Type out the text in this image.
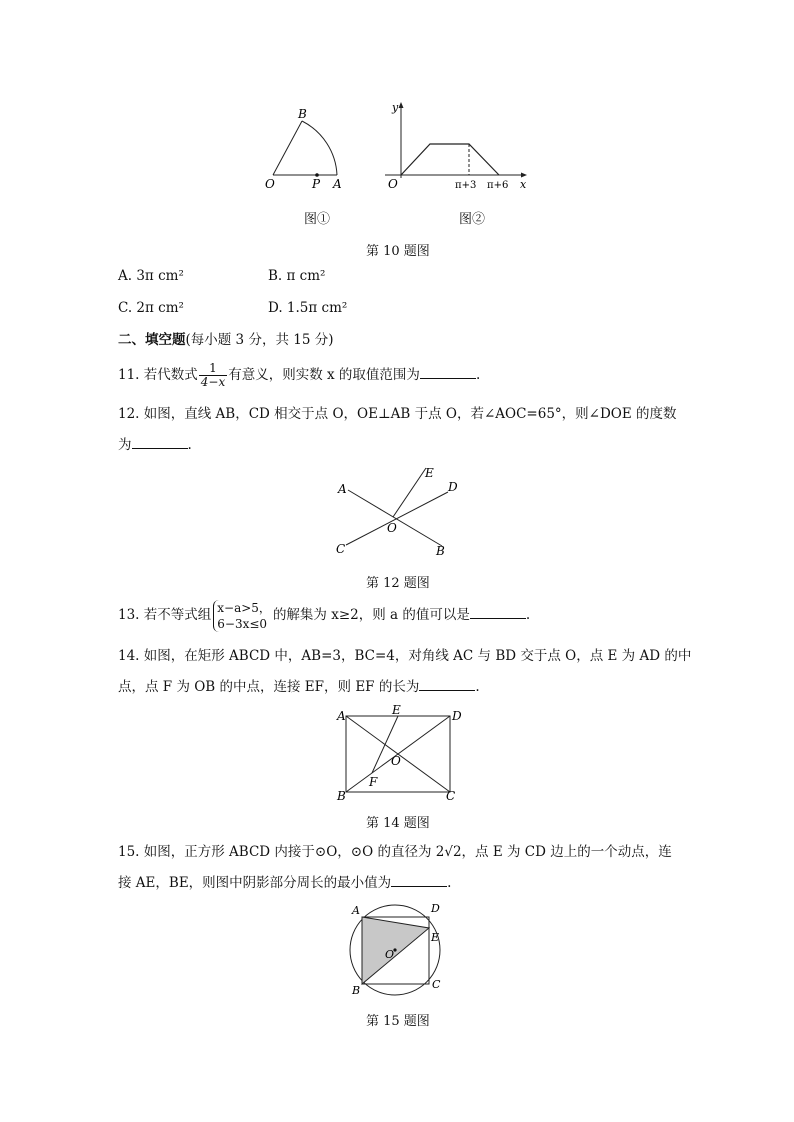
B
O	P A
y
O	π+3 π+6 x
图①	图②
第 10 题图
A. 3π cm²	B. π cm²
C. 2π cm²	D. 1.5π cm²
二、填空题(每小题 3 分，共 15 分)
11. 若代数式 $\frac{1}{4-x}$ 有意义，则实数 x 的取值范围为	.
12. 如图，直线 AB，CD 相交于点 O，OE⊥AB 于点 O，若∠AOC=65°，则∠DOE 的度数
为	.
A
E
D
O
C	B
第 12 题图
13. 若不等式组 x−a>5，
6−3x≤0
的解集为 x≥2，则 a 的值可以是	.
14. 如图，在矩形 ABCD 中，AB=3，BC=4，对角线 AC 与 BD 交于点 O，点 E 为 AD 的中
点，点 F 为 OB 的中点，连接 EF，则 EF 的长为	.
A	E	D
O
F
B	C
第 14 题图
15. 如图，正方形 ABCD 内接于⊙O，⊙O 的直径为 2√2，点 E 为 CD 边上的一个动点，连
接 AE，BE，则图中阴影部分周长的最小值为	.
A	D
E
O
B	C
第 15 题图
